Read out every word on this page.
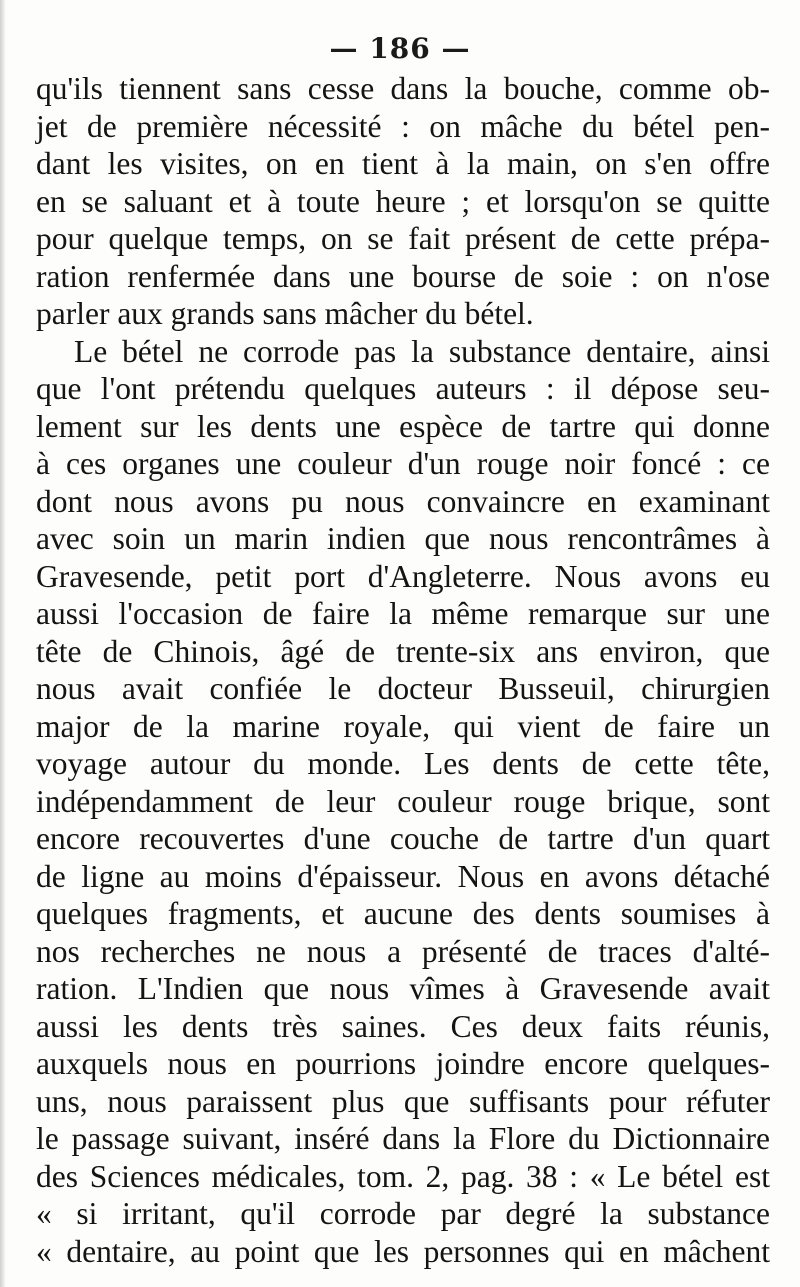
— 186 —
qu'ils tiennent sans cesse dans la bouche, comme ob-
jet de première nécessité : on mâche du bétel pen-
dant les visites, on en tient à la main, on s'en offre
en se saluant et à toute heure ; et lorsqu'on se quitte
pour quelque temps, on se fait présent de cette prépa-
ration renfermée dans une bourse de soie : on n'ose
parler aux grands sans mâcher du bétel.
Le bétel ne corrode pas la substance dentaire, ainsi
que l'ont prétendu quelques auteurs : il dépose seu-
lement sur les dents une espèce de tartre qui donne
à ces organes une couleur d'un rouge noir foncé : ce
dont nous avons pu nous convaincre en examinant
avec soin un marin indien que nous rencontrâmes à
Gravesende, petit port d'Angleterre. Nous avons eu
aussi l'occasion de faire la même remarque sur une
tête de Chinois, âgé de trente-six ans environ, que
nous avait confiée le docteur Busseuil, chirurgien
major de la marine royale, qui vient de faire un
voyage autour du monde. Les dents de cette tête,
indépendamment de leur couleur rouge brique, sont
encore recouvertes d'une couche de tartre d'un quart
de ligne au moins d'épaisseur. Nous en avons détaché
quelques fragments, et aucune des dents soumises à
nos recherches ne nous a présenté de traces d'alté-
ration. L'Indien que nous vîmes à Gravesende avait
aussi les dents très saines. Ces deux faits réunis,
auxquels nous en pourrions joindre encore quelques-
uns, nous paraissent plus que suffisants pour réfuter
le passage suivant, inséré dans la Flore du Dictionnaire
des Sciences médicales, tom. 2, pag. 38 : « Le bétel est
« si irritant, qu'il corrode par degré la substance
« dentaire, au point que les personnes qui en mâchent
